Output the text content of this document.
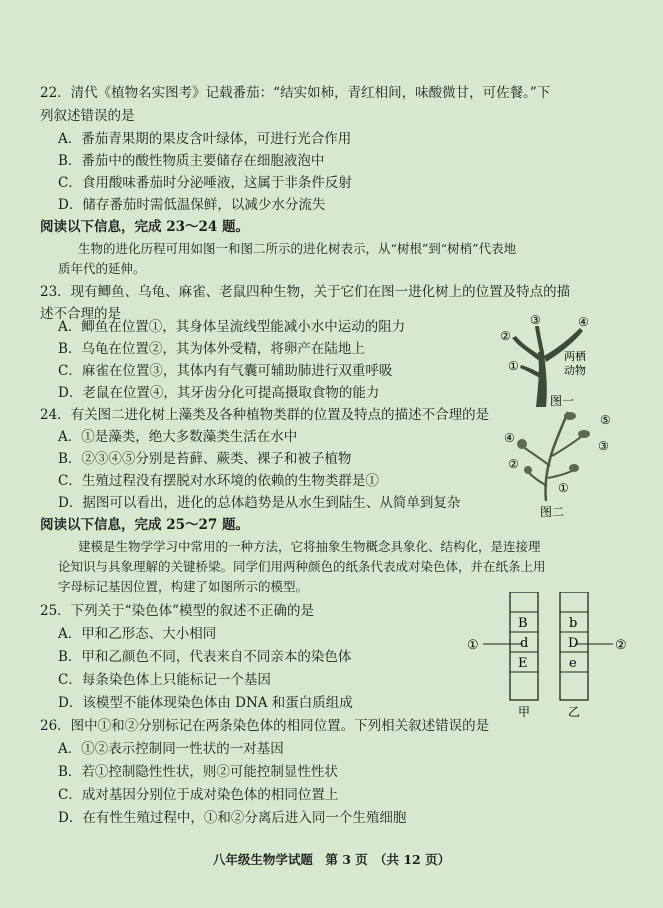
22．清代《植物名实图考》记载番茄：“结实如柿，青红相间，味酸微甘，可佐餐。”下
列叙述错误的是
A．番茄青果期的果皮含叶绿体，可进行光合作用
B．番茄中的酸性物质主要储存在细胞液泡中
C．食用酸味番茄时分泌唾液，这属于非条件反射
D．储存番茄时需低温保鲜，以减少水分流失
阅读以下信息，完成 23～24 题。
生物的进化历程可用如图一和图二所示的进化树表示，从“树根”到“树梢”代表地
质年代的延伸。
23．现有鲫鱼、乌龟、麻雀、老鼠四种生物，关于它们在图一进化树上的位置及特点的描
述不合理的是
A．鲫鱼在位置①，其身体呈流线型能减小水中运动的阻力
B．乌龟在位置②，其为体外受精，将卵产在陆地上
C．麻雀在位置③，其体内有气囊可辅助肺进行双重呼吸
D．老鼠在位置④，其牙齿分化可提高摄取食物的能力
24．有关图二进化树上藻类及各种植物类群的位置及特点的描述不合理的是
A．①是藻类，绝大多数藻类生活在水中
B．②③④⑤分别是苔藓、蕨类、裸子和被子植物
C．生殖过程没有摆脱对水环境的依赖的生物类群是①
D．据图可以看出，进化的总体趋势是从水生到陆生、从简单到复杂
阅读以下信息，完成 25～27 题。
建模是生物学学习中常用的一种方法，它将抽象生物概念具象化、结构化，是连接理
论知识与具象理解的关键桥梁。同学们用两种颜色的纸条代表成对染色体，并在纸条上用
字母标记基因位置，构建了如图所示的模型。
25．下列关于“染色体”模型的叙述不正确的是
A．甲和乙形态、大小相同
B．甲和乙颜色不同，代表来自不同亲本的染色体
C．每条染色体上只能标记一个基因
D．该模型不能体现染色体由 DNA 和蛋白质组成
26．图中①和②分别标记在两条染色体的相同位置。下列相关叙述错误的是
A．①②表示控制同一性状的一对基因
B．若①控制隐性性状，则②可能控制显性性状
C．成对基因分别位于成对染色体的相同位置上
D．在有性生殖过程中，①和②分离后进入同一个生殖细胞
①
②
③	④
两栖
动物
图一
⑤
④
③
②
①
图二
B
d
E
b
D
e
①	②
甲	乙
八年级生物学试题　第 3 页　（共 12 页）
